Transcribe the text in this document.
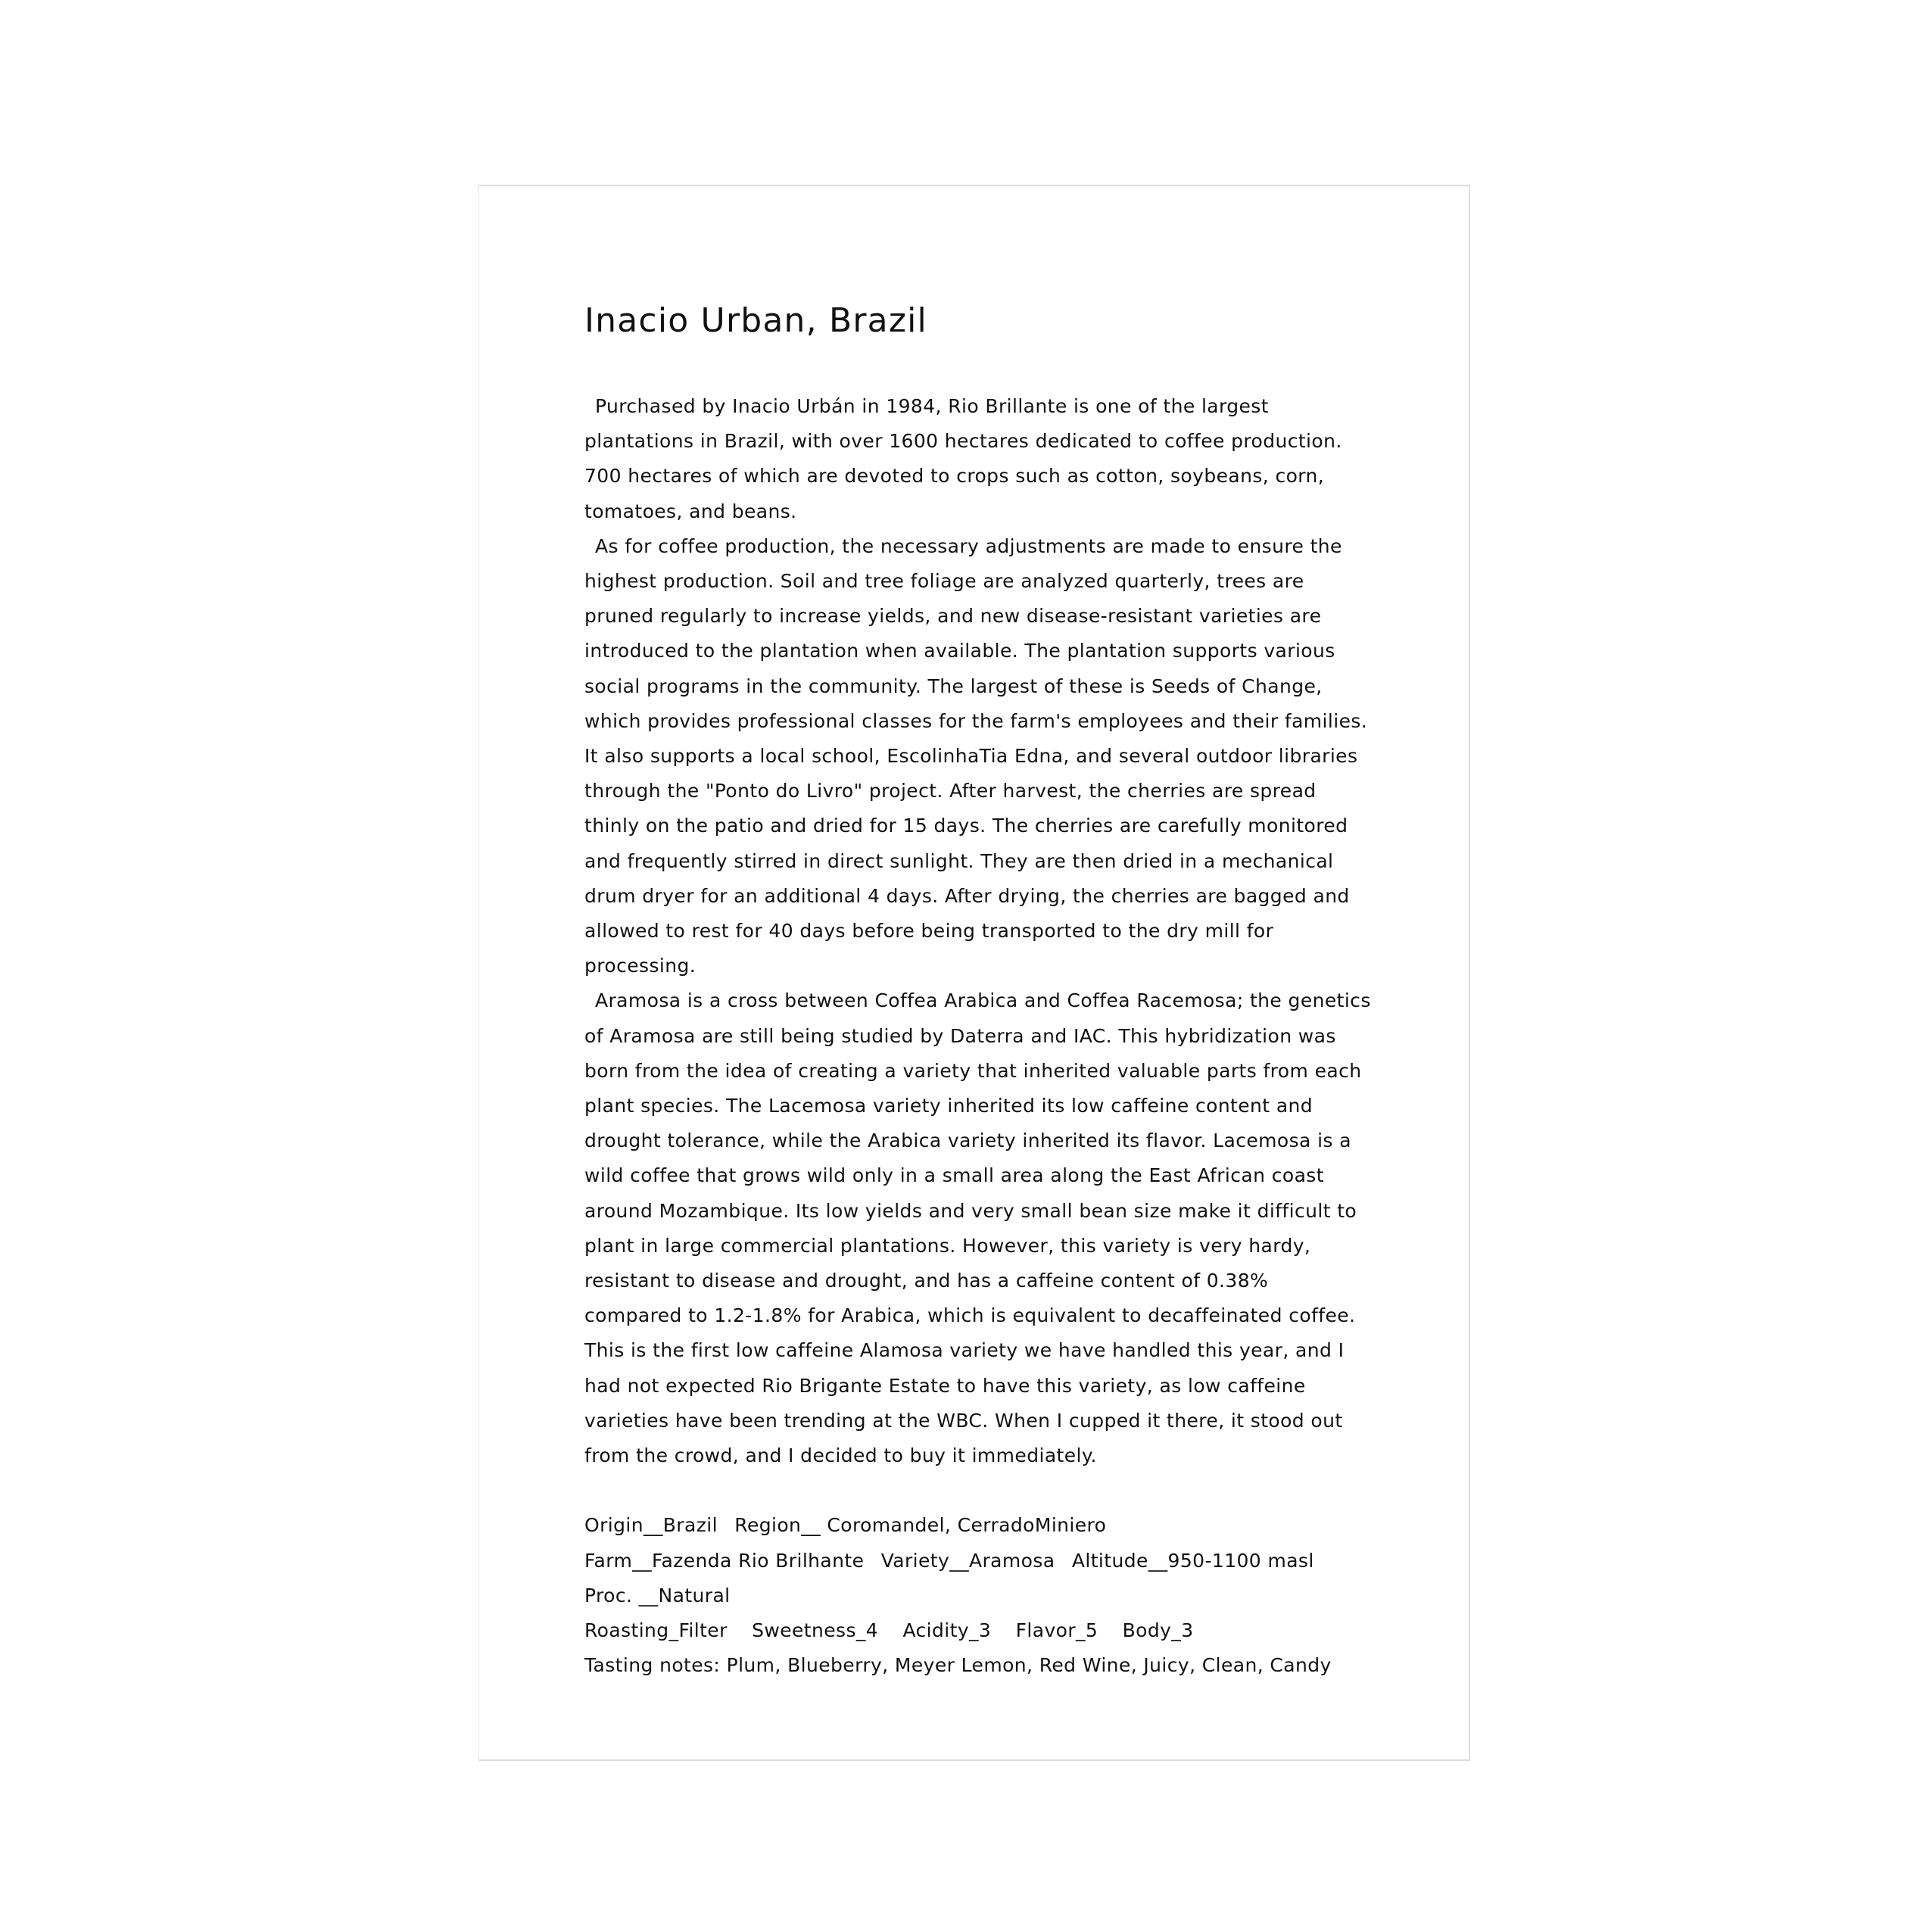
Inacio Urban, Brazil

Purchased by Inacio Urbán in 1984, Rio Brillante is one of the largest plantations in Brazil, with over 1600 hectares dedicated to coffee production. 700 hectares of which are devoted to crops such as cotton, soybeans, corn, tomatoes, and beans.

As for coffee production, the necessary adjustments are made to ensure the highest production. Soil and tree foliage are analyzed quarterly, trees are pruned regularly to increase yields, and new disease-resistant varieties are introduced to the plantation when available. The plantation supports various social programs in the community. The largest of these is Seeds of Change, which provides professional classes for the farm's employees and their families. It also supports a local school, EscolinhaTia Edna, and several outdoor libraries through the "Ponto do Livro" project. After harvest, the cherries are spread thinly on the patio and dried for 15 days. The cherries are carefully monitored and frequently stirred in direct sunlight. They are then dried in a mechanical drum dryer for an additional 4 days. After drying, the cherries are bagged and allowed to rest for 40 days before being transported to the dry mill for processing.

Aramosa is a cross between Coffea Arabica and Coffea Racemosa; the genetics of Aramosa are still being studied by Daterra and IAC. This hybridization was born from the idea of creating a variety that inherited valuable parts from each plant species. The Lacemosa variety inherited its low caffeine content and drought tolerance, while the Arabica variety inherited its flavor. Lacemosa is a wild coffee that grows wild only in a small area along the East African coast around Mozambique. Its low yields and very small bean size make it difficult to plant in large commercial plantations. However, this variety is very hardy, resistant to disease and drought, and has a caffeine content of 0.38% compared to 1.2-1.8% for Arabica, which is equivalent to decaffeinated coffee.

This is the first low caffeine Alamosa variety we have handled this year, and I had not expected Rio Brigante Estate to have this variety, as low caffeine varieties have been trending at the WBC. When I cupped it there, it stood out from the crowd, and I decided to buy it immediately.

Origin__Brazil Region__ Coromandel, CerradoMiniero

Farm__Fazenda Rio Brilhante Variety__Aramosa Altitude__950-1100 masl Proc. __Natural

Roasting_Filter Sweetness_4 Acidity_3 Flavor_5 Body_3

Tasting notes: Plum, Blueberry, Meyer Lemon, Red Wine, Juicy, Clean, Candy
